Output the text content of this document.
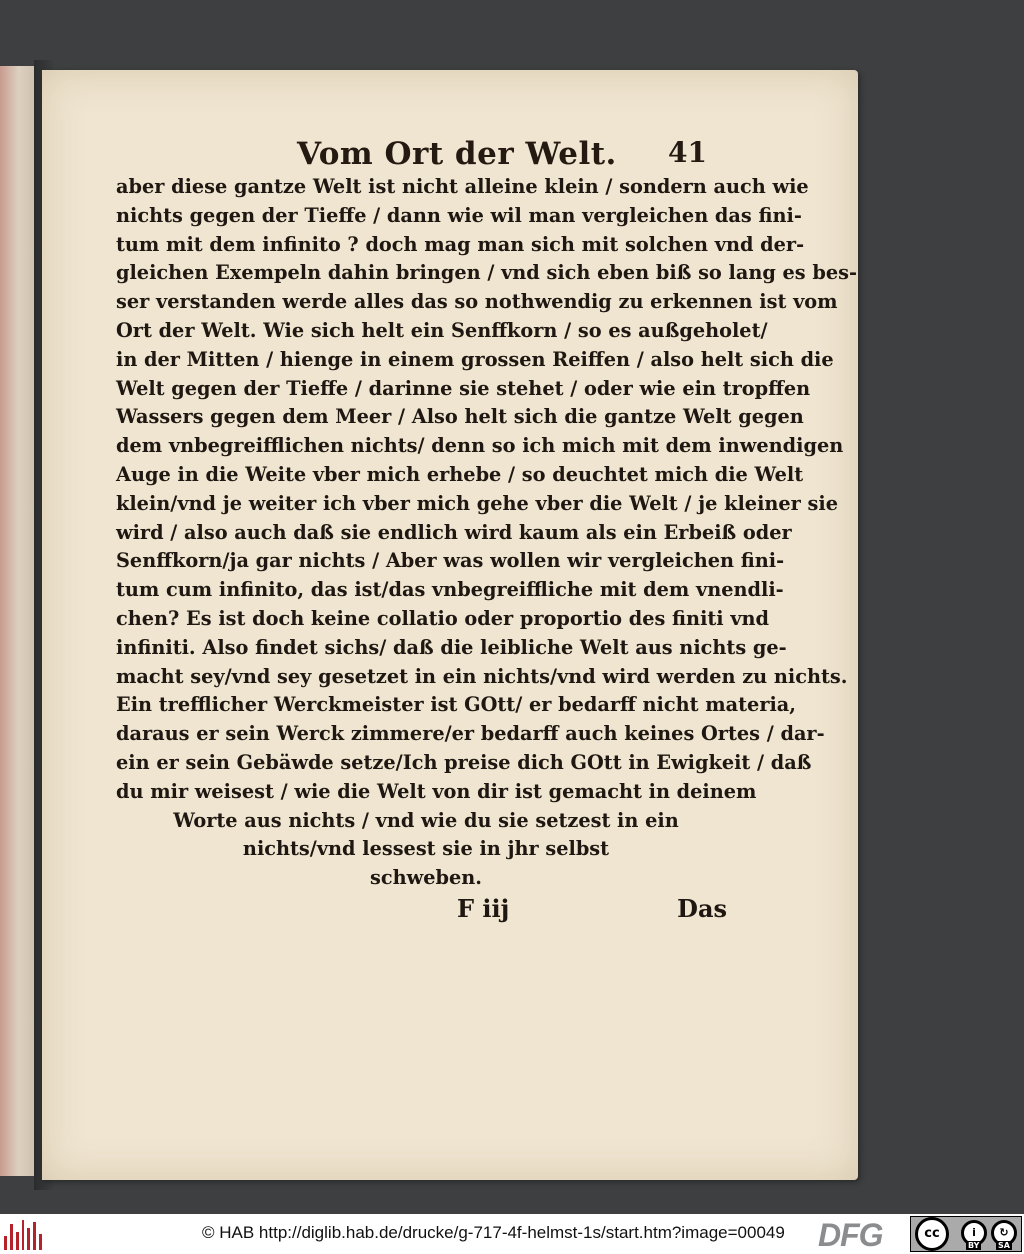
Vom Ort der Welt. 41
aber diese gantze Welt ist nicht alleine klein / sondern auch wie
nichts gegen der Tieffe / dann wie wil man vergleichen das fini-
tum mit dem infinito ? doch mag man sich mit solchen vnd der-
gleichen Exempeln dahin bringen / vnd sich eben biß so lang es bes-
ser verstanden werde alles das so nothwendig zu erkennen ist vom
Ort der Welt. Wie sich helt ein Senffkorn / so es außgeholet/
in der Mitten / hienge in einem grossen Reiffen / also helt sich die
Welt gegen der Tieffe / darinne sie stehet / oder wie ein tropffen
Wassers gegen dem Meer / Also helt sich die gantze Welt gegen
dem vnbegreifflichen nichts/ denn so ich mich mit dem inwendigen
Auge in die Weite vber mich erhebe / so deuchtet mich die Welt
klein/vnd je weiter ich vber mich gehe vber die Welt / je kleiner sie
wird / also auch daß sie endlich wird kaum als ein Erbeiß oder
Senffkorn/ja gar nichts / Aber was wollen wir vergleichen fini-
tum cum infinito, das ist/das vnbegreiffliche mit dem vnendli-
chen? Es ist doch keine collatio oder proportio des finiti vnd
infiniti. Also findet sichs/ daß die leibliche Welt aus nichts ge-
macht sey/vnd sey gesetzet in ein nichts/vnd wird werden zu nichts.
Ein trefflicher Werckmeister ist GOtt/ er bedarff nicht materia,
daraus er sein Werck zimmere/er bedarff auch keines Ortes / dar-
ein er sein Gebäwde setze/Ich preise dich GOtt in Ewigkeit / daß
du mir weisest / wie die Welt von dir ist gemacht in deinem
Worte aus nichts / vnd wie du sie setzest in ein
nichts/vnd lessest sie in jhr selbst
schweben.
F iij	Das
© HAB http://diglib.hab.de/drucke/g-717-4f-helmst-1s/start.htm?image=00049 DFG	cc	i	↻
BY SA
